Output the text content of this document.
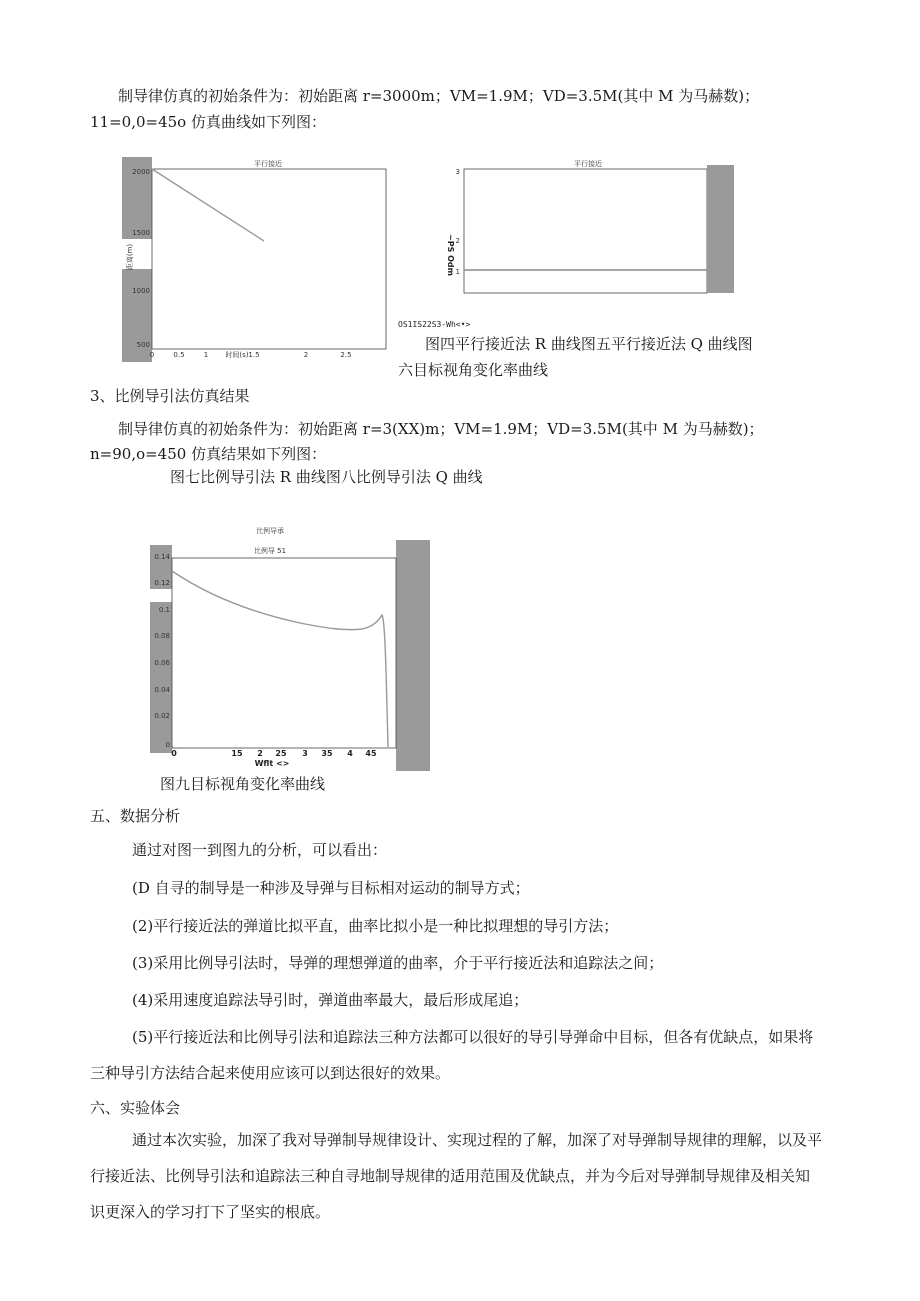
制导律仿真的初始条件为：初始距离 r=3000m；VM=1.9M；VD=3.5M(其中 M 为马赫数)；
11=0,0=45o 仿真曲线如下列图：
平行接近
2000
1500
1000
500
距离(m)
0	0.5	1	1.5	2	2.5
时间(s)
平行接近
3
2
1
~PS Odm
OS1IS22S3-Wh<•>
图四平行接近法 R 曲线图五平行接近法 Q 曲线图
六目标视角变化率曲线
3、比例导引法仿真结果
制导律仿真的初始条件为：初始距离 r=3(XX)m；VM=1.9M；VD=3.5M(其中 M 为马赫数)；
n=90,o=450 仿真结果如下列图：
图七比例导引法 R 曲线图八比例导引法 Q 曲线
比例导承
比例导 51
0.14
0.12
0.1
0.08
0.06
0.04
0.02
0
0	15 2 25 3 35 4 45
Wflt <>
图九目标视角变化率曲线
五、数据分析
通过对图一到图九的分析，可以看出：
(D 自寻的制导是一种涉及导弹与目标相对运动的制导方式；
(2)平行接近法的弹道比拟平直，曲率比拟小是一种比拟理想的导引方法；
(3)采用比例导引法时，导弹的理想弹道的曲率，介于平行接近法和追踪法之间；
(4)采用速度追踪法导引时，弹道曲率最大，最后形成尾追；
(5)平行接近法和比例导引法和追踪法三种方法都可以很好的导引导弹命中目标，但各有优缺点，如果将三种导引方法结合起来使用应该可以到达很好的效果。
六、实验体会
通过本次实验，加深了我对导弹制导规律设计、实现过程的了解，加深了对导弹制导规律的理解，以及平行接近法、比例导引法和追踪法三种自寻地制导规律的适用范围及优缺点，并为今后对导弹制导规律及相关知识更深入的学习打下了坚实的根底。
